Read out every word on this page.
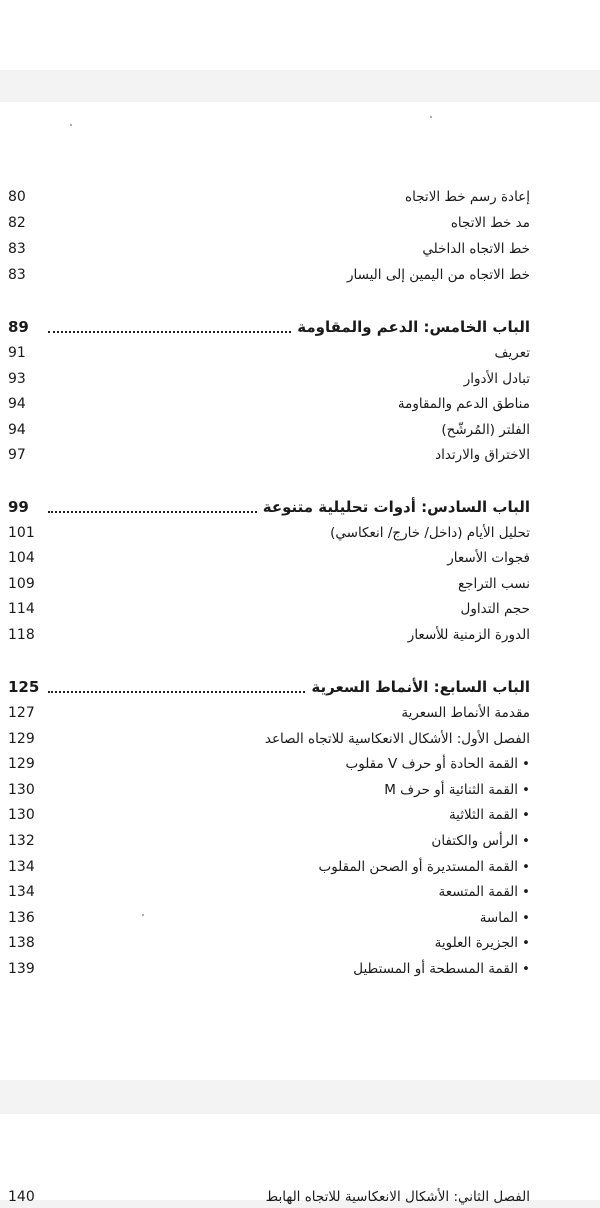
إعادة رسم خط الاتجاه
80
مد خط الاتجاه
82
خط الاتجاه الداخلي
83
خط الاتجاه من اليمين إلى اليسار
83
الباب الخامس: الدعم والمقاومة
89
تعريف
91
تبادل الأدوار
93
مناطق الدعم والمقاومة
94
الفلتر (المُرشّح)
94
الاختراق والارتداد
97
الباب السادس: أدوات تحليلية متنوعة
99
تحليل الأيام (داخل/ خارج/ انعكاسي)
101
فجوات الأسعار
104
نسب التراجع
109
حجم التداول
114
الدورة الزمنية للأسعار
118
الباب السابع: الأنماط السعرية
125
مقدمة الأنماط السعرية
127
الفصل الأول: الأشكال الانعكاسية للاتجاه الصاعد
129
• القمة الحادة أو حرف V مقلوب
129
• القمة الثنائية أو حرف M
130
• القمة الثلاثية
130
• الرأس والكتفان
132
• القمة المستديرة أو الصحن المقلوب
134
• القمة المتسعة
134
• الماسة
136
• الجزيرة العلوية
138
• القمة المسطحة أو المستطيل
139
الفصل الثاني: الأشكال الانعكاسية للاتجاه الهابط
140
